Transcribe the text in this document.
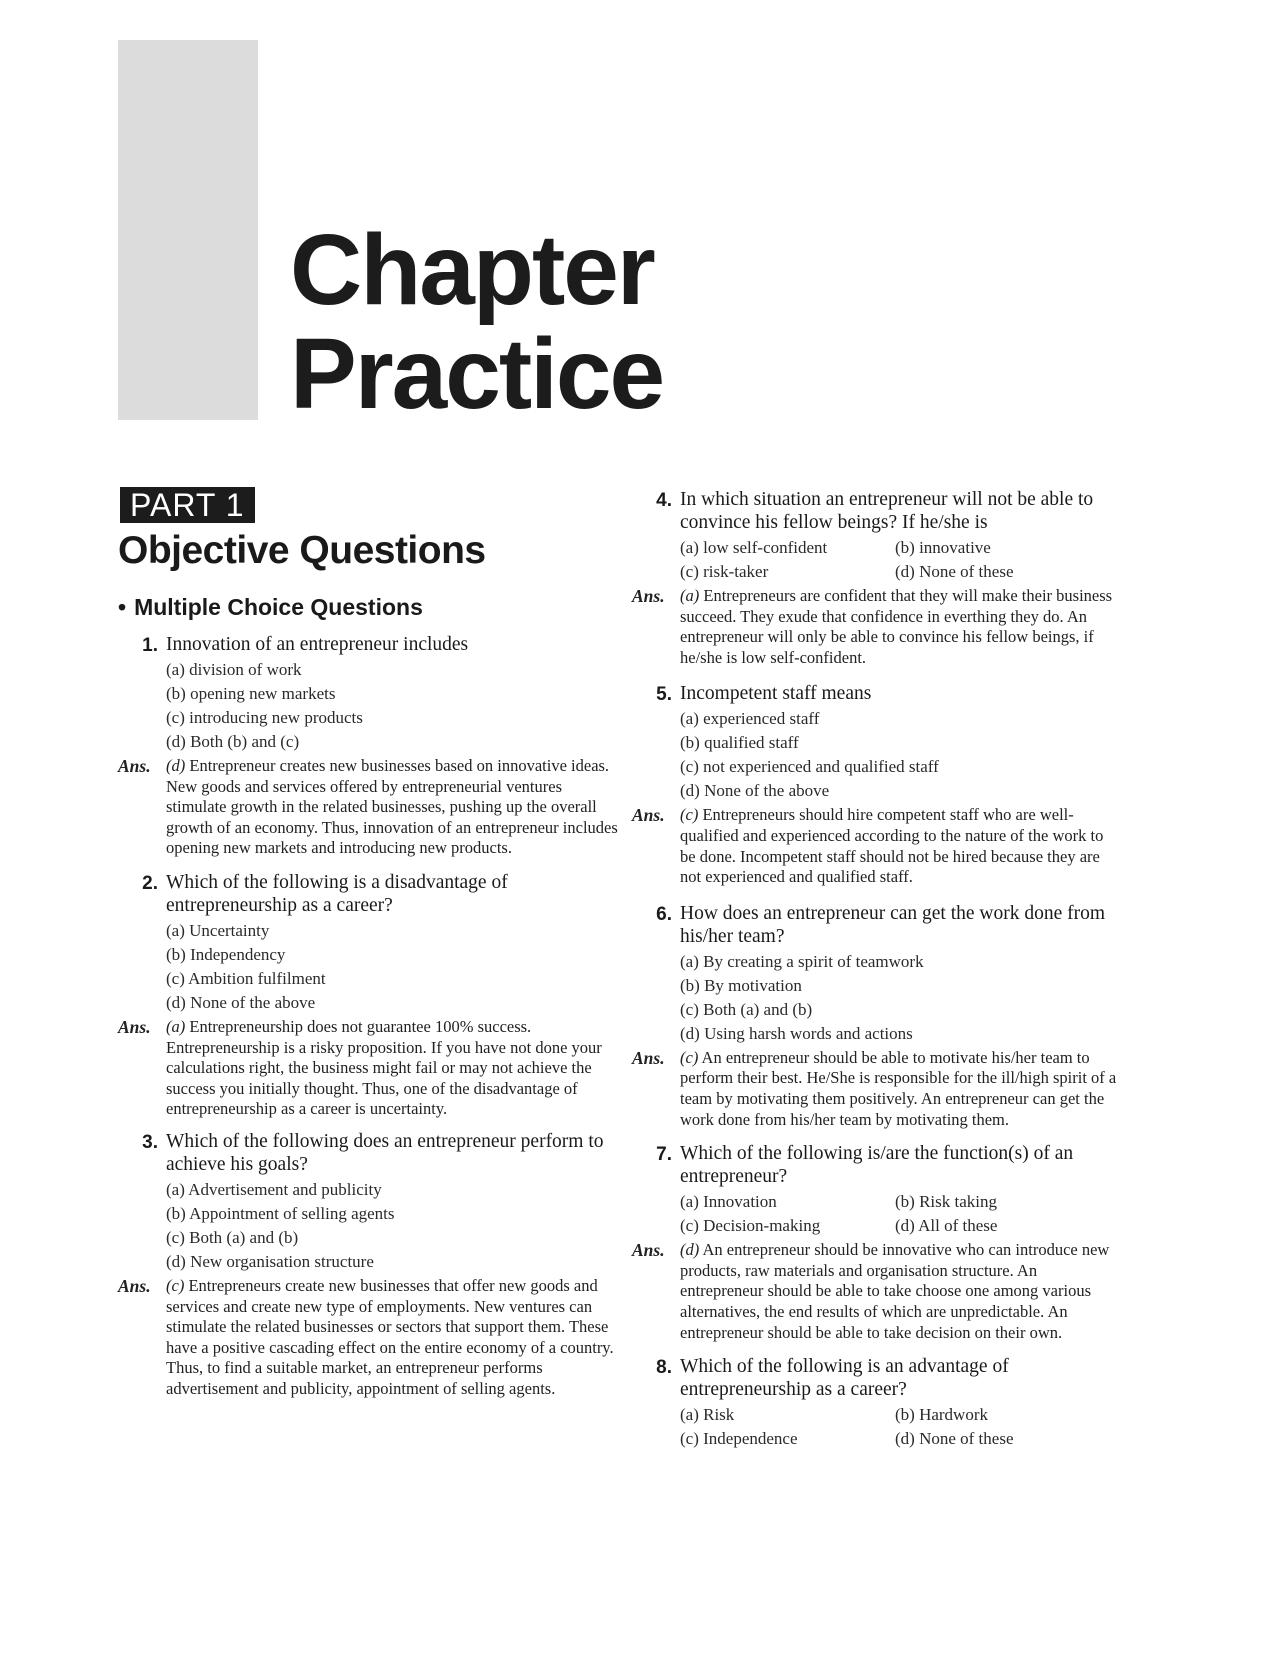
Chapter
Practice
PART 1
Objective Questions
• Multiple Choice Questions
1. Innovation of an entrepreneur includes

(a) division of work
(b) opening new markets
(c) introducing new products
(d) Both (b) and (c)
Ans. (d) Entrepreneur creates new businesses based on innovative ideas. New goods and services offered by entrepreneurial ventures stimulate growth in the related businesses, pushing up the overall growth of an economy. Thus, innovation of an entrepreneur includes opening new markets and introducing new products.

2. Which of the following is a disadvantage of entrepreneurship as a career?

(a) Uncertainty
(b) Independency
(c) Ambition fulfilment
(d) None of the above
Ans. (a) Entrepreneurship does not guarantee 100% success. Entrepreneurship is a risky proposition. If you have not done your calculations right, the business might fail or may not achieve the success you initially thought. Thus, one of the disadvantage of entrepreneurship as a career is uncertainty.

3. Which of the following does an entrepreneur perform to achieve his goals?

(a) Advertisement and publicity
(b) Appointment of selling agents
(c) Both (a) and (b)
(d) New organisation structure
Ans. (c) Entrepreneurs create new businesses that offer new goods and services and create new type of employments. New ventures can stimulate the related businesses or sectors that support them. These have a positive cascading effect on the entire economy of a country. Thus, to find a suitable market, an entrepreneur performs advertisement and publicity, appointment of selling agents.

4. In which situation an entrepreneur will not be able to convince his fellow beings? If he/she is

(a) low self-confident	(b) innovative
(c) risk-taker	(d) None of these
Ans. (a) Entrepreneurs are confident that they will make their business succeed. They exude that confidence in everthing they do. An entrepreneur will only be able to convince his fellow beings, if he/she is low self-confident.

5. Incompetent staff means

(a) experienced staff
(b) qualified staff
(c) not experienced and qualified staff
(d) None of the above
Ans. (c) Entrepreneurs should hire competent staff who are well-qualified and experienced according to the nature of the work to be done. Incompetent staff should not be hired because they are not experienced and qualified staff.

6. How does an entrepreneur can get the work done from his/her team?

(a) By creating a spirit of teamwork
(b) By motivation
(c) Both (a) and (b)
(d) Using harsh words and actions
Ans. (c) An entrepreneur should be able to motivate his/her team to perform their best. He/She is responsible for the ill/high spirit of a team by motivating them positively. An entrepreneur can get the work done from his/her team by motivating them.

7. Which of the following is/are the function(s) of an entrepreneur?

(a) Innovation	(b) Risk taking
(c) Decision-making	(d) All of these
Ans. (d) An entrepreneur should be innovative who can introduce new products, raw materials and organisation structure. An entrepreneur should be able to take choose one among various alternatives, the end results of which are unpredictable. An entrepreneur should be able to take decision on their own.

8. Which of the following is an advantage of entrepreneurship as a career?

(a) Risk	(b) Hardwork
(c) Independence	(d) None of these
